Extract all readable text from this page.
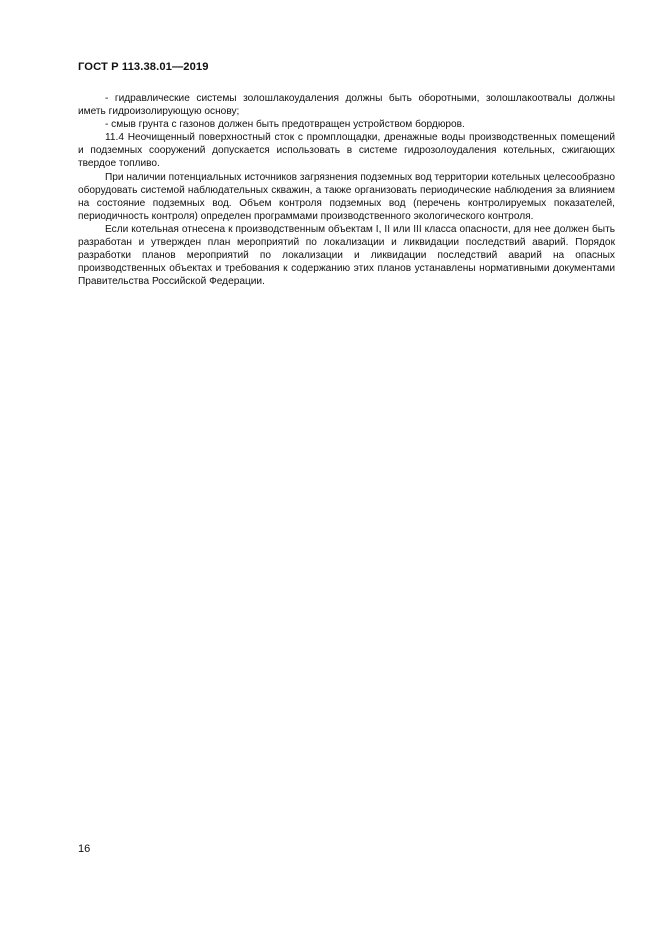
ГОСТ Р 113.38.01—2019

- гидравлические системы золошлакоудаления должны быть оборотными, золошлакоотвалы должны иметь гидроизолирующую основу;

- смыв грунта с газонов должен быть предотвращен устройством бордюров.

11.4 Неочищенный поверхностный сток с промплощадки, дренажные воды производственных помещений и подземных сооружений допускается использовать в системе гидрозолоудаления котельных, сжигающих твердое топливо.

При наличии потенциальных источников загрязнения подземных вод территории котельных целесообразно оборудовать системой наблюдательных скважин, а также организовать периодические наблюдения за влиянием на состояние подземных вод. Объем контроля подземных вод (перечень контролируемых показателей, периодичность контроля) определен программами производственного экологического контроля.

Если котельная отнесена к производственным объектам I, II или III класса опасности, для нее должен быть разработан и утвержден план мероприятий по локализации и ликвидации последствий аварий. Порядок разработки планов мероприятий по локализации и ликвидации последствий аварий на опасных производственных объектах и требования к содержанию этих планов устанавлены нормативными документами Правительства Российской Федерации.

16
